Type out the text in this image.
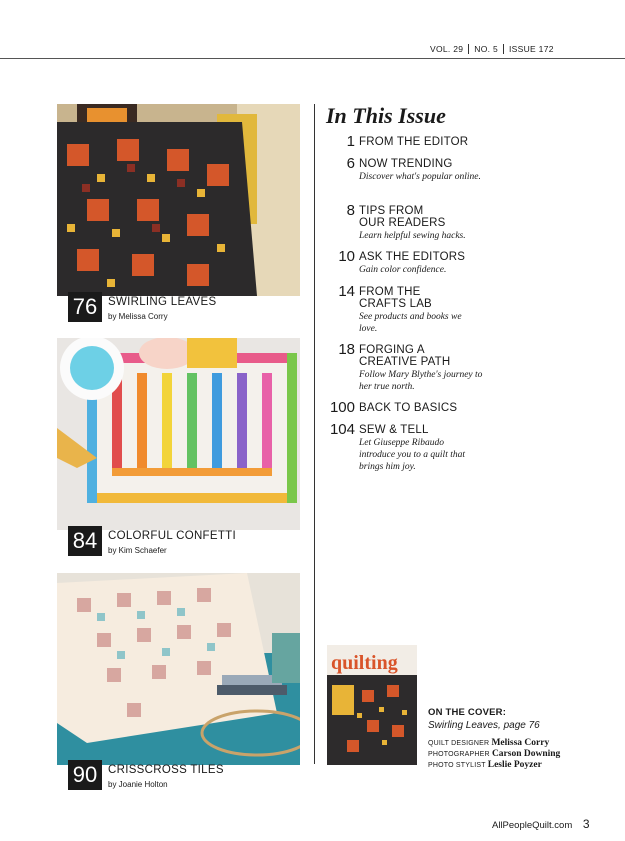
VOL. 29	NO. 5	ISSUE 172
76 SWIRLING LEAVES
by Melissa Corry
84 COLORFUL CONFETTI
by Kim Schaefer
90 CRISSCROSS TILES
by Joanie Holton
In This Issue
1 FROM THE EDITOR
6 NOW TRENDING
Discover what's popular online.
8 TIPS FROM OUR READERS
Learn helpful sewing hacks.
10 ASK THE EDITORS
Gain color confidence.
14 FROM THE CRAFTS LAB
See products and books we love.
18 FORGING A CREATIVE PATH
Follow Mary Blythe's journey to her true north.
100 BACK TO BASICS
104 SEW & TELL
Let Giuseppe Ribaudo introduce you to a quilt that brings him joy.
quilting
ON THE COVER:
Swirling Leaves, page 76
QUILT DESIGNER Melissa Corry
PHOTOGRAPHER Carson Downing
PHOTO STYLIST Leslie Poyzer
AllPeopleQuilt.com 3
